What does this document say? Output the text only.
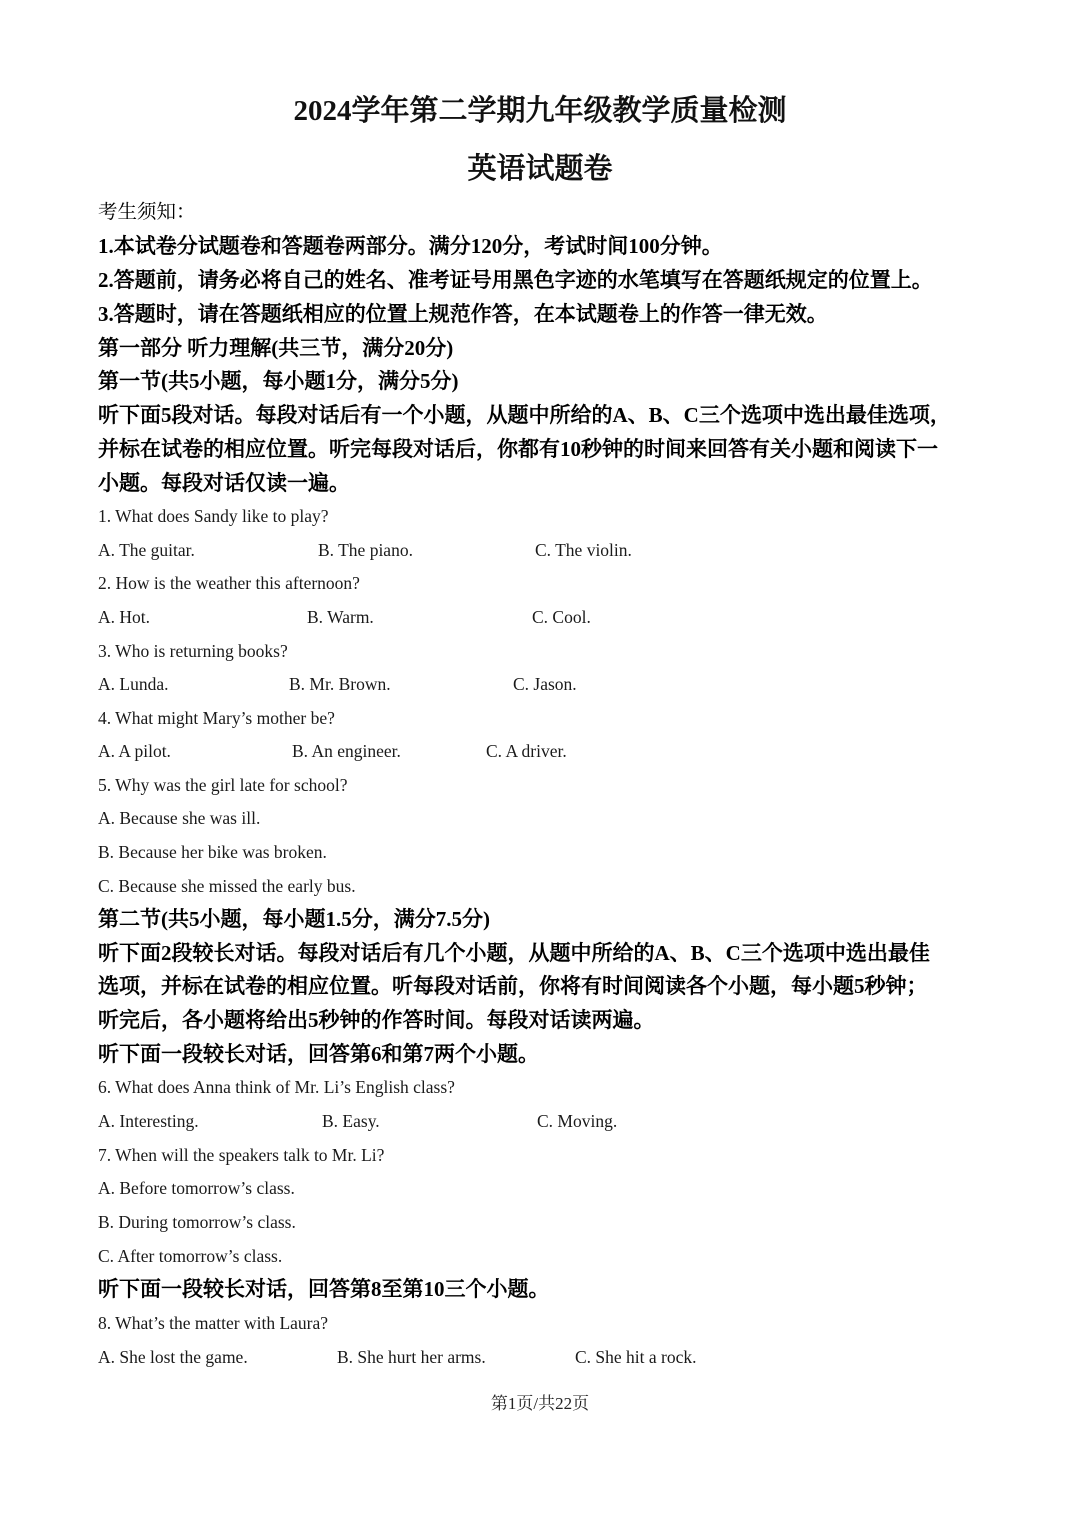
2024学年第二学期九年级教学质量检测
英语试题卷
考生须知：
1.本试卷分试题卷和答题卷两部分。满分120分，考试时间100分钟。
2.答题前，请务必将自己的姓名、准考证号用黑色字迹的水笔填写在答题纸规定的位置上。
3.答题时，请在答题纸相应的位置上规范作答，在本试题卷上的作答一律无效。
第一部分 听力理解(共三节，满分20分)
第一节(共5小题，每小题1分，满分5分)
听下面5段对话。每段对话后有一个小题，从题中所给的A、B、C三个选项中选出最佳选项，
并标在试卷的相应位置。听完每段对话后，你都有10秒钟的时间来回答有关小题和阅读下一
小题。每段对话仅读一遍。
1. What does Sandy like to play?
A. The guitar.	B. The piano.	C. The violin.
2. How is the weather this afternoon?
A. Hot.	B. Warm.	C. Cool.
3. Who is returning books?
A. Lunda.	B. Mr. Brown.	C. Jason.
4. What might Mary’s mother be?
A. A pilot.	B. An engineer.	C. A driver.
5. Why was the girl late for school?
A. Because she was ill.
B. Because her bike was broken.
C. Because she missed the early bus.
第二节(共5小题，每小题1.5分，满分7.5分)
听下面2段较长对话。每段对话后有几个小题，从题中所给的A、B、C三个选项中选出最佳
选项，并标在试卷的相应位置。听每段对话前，你将有时间阅读各个小题，每小题5秒钟；
听完后，各小题将给出5秒钟的作答时间。每段对话读两遍。
听下面一段较长对话，回答第6和第7两个小题。
6. What does Anna think of Mr. Li’s English class?
A. Interesting.	B. Easy.	C. Moving.
7. When will the speakers talk to Mr. Li?
A. Before tomorrow’s class.
B. During tomorrow’s class.
C. After tomorrow’s class.
听下面一段较长对话，回答第8至第10三个小题。
8. What’s the matter with Laura?
A. She lost the game.	B. She hurt her arms.	C. She hit a rock.
第1页/共22页
